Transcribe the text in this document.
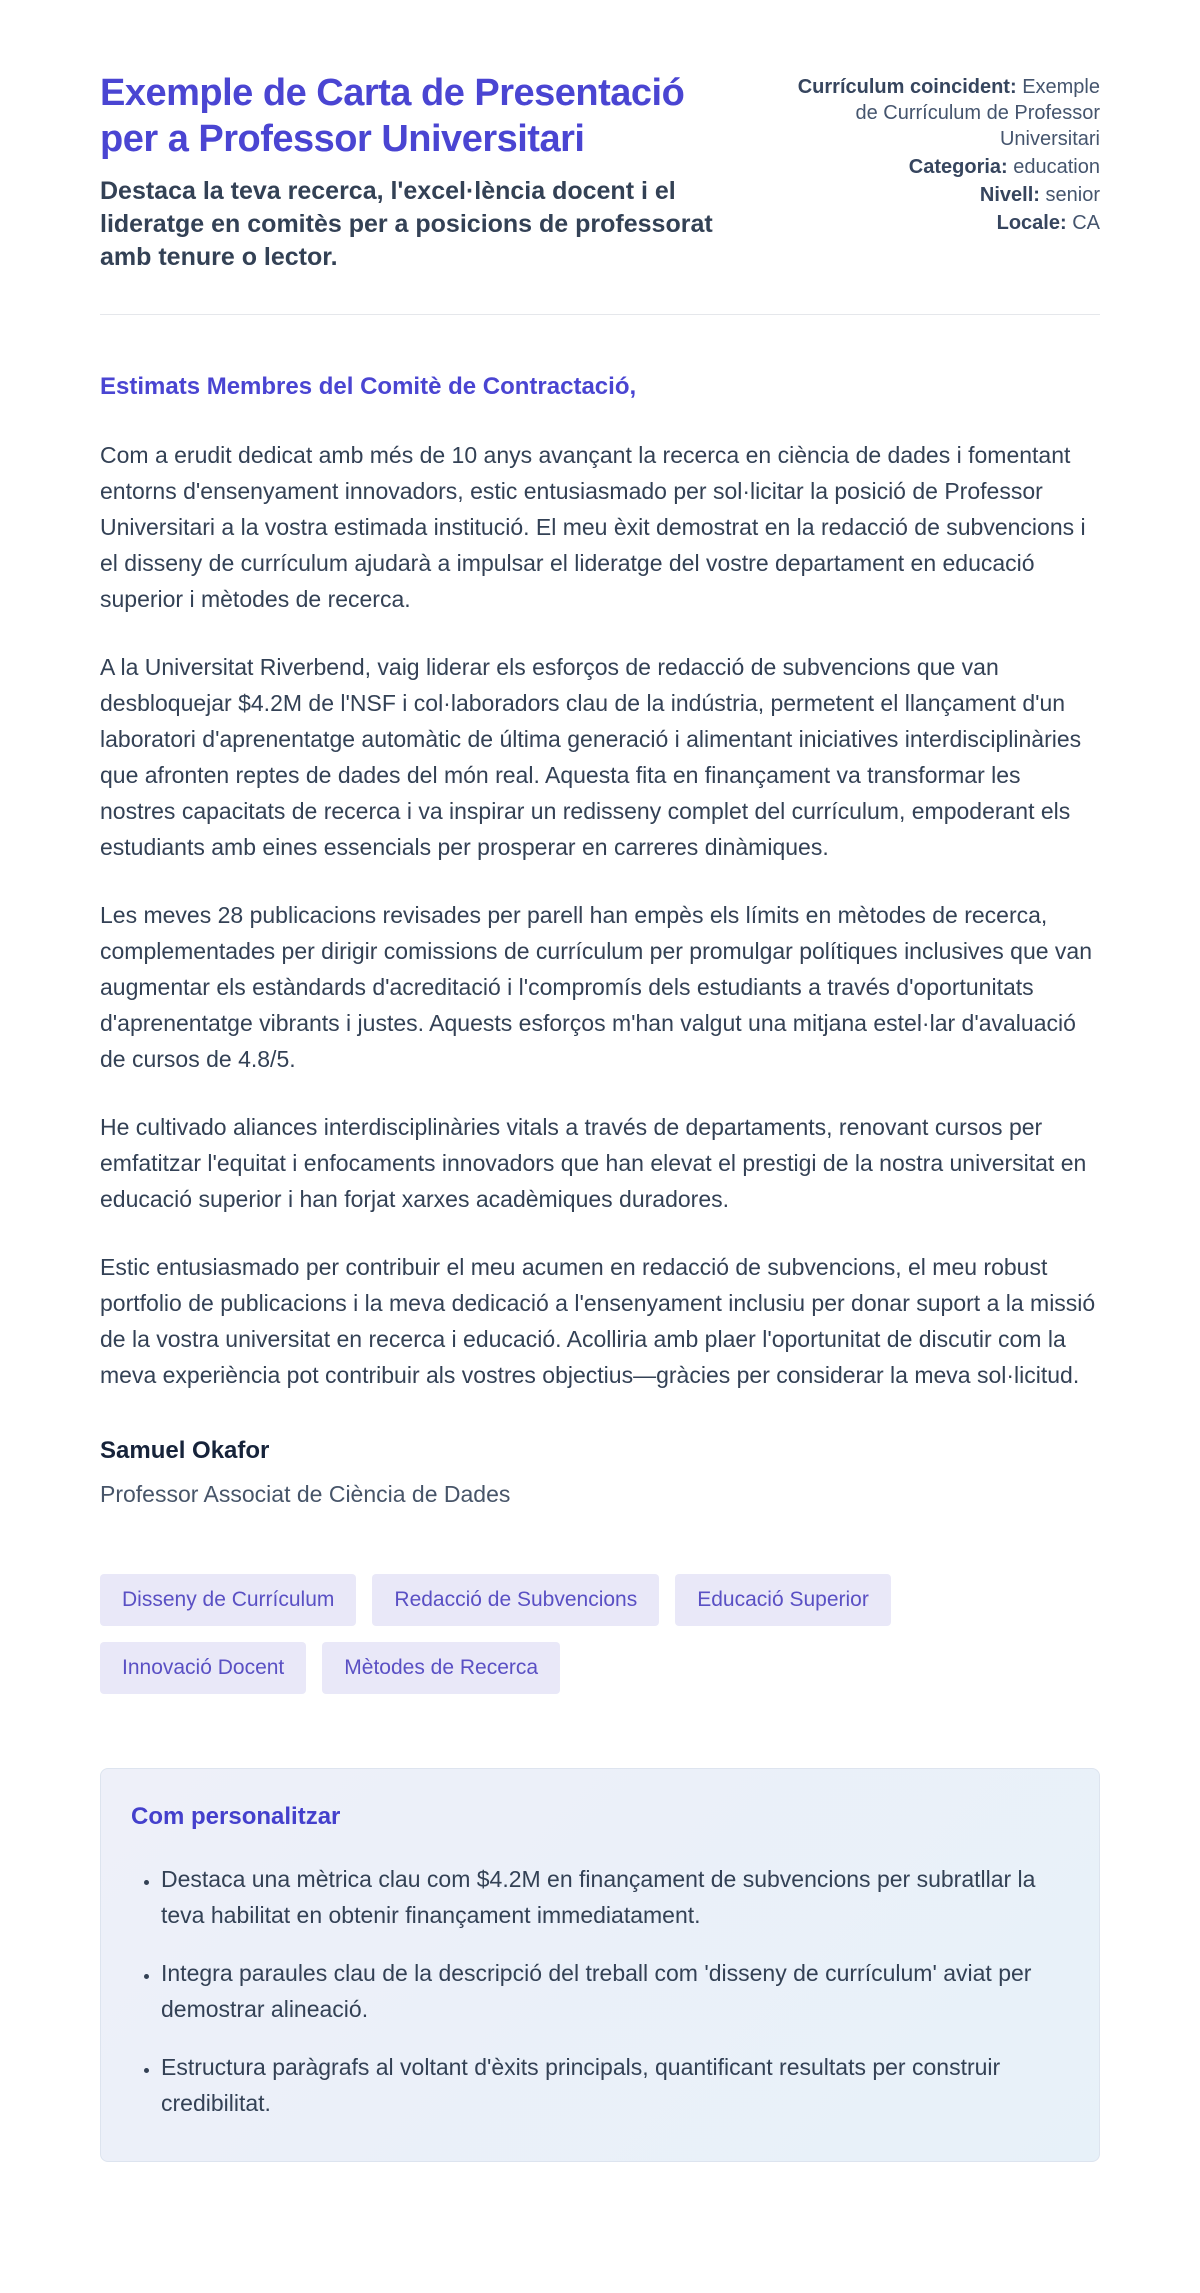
Exemple de Carta de Presentació per a Professor Universitari

Destaca la teva recerca, l'excel·lència docent i el lideratge en comitès per a posicions de professorat amb tenure o lector.

Currículum coincident: Exemple de Currículum de Professor Universitari
Categoria: education
Nivell: senior
Locale: CA

Estimats Membres del Comitè de Contractació,

Com a erudit dedicat amb més de 10 anys avançant la recerca en ciència de dades i fomentant entorns d'ensenyament innovadors, estic entusiasmado per sol·licitar la posició de Professor Universitari a la vostra estimada institució. El meu èxit demostrat en la redacció de subvencions i el disseny de currículum ajudarà a impulsar el lideratge del vostre departament en educació superior i mètodes de recerca.

A la Universitat Riverbend, vaig liderar els esforços de redacció de subvencions que van desbloquejar $4.2M de l'NSF i col·laboradors clau de la indústria, permetent el llançament d'un laboratori d'aprenentatge automàtic de última generació i alimentant iniciatives interdisciplinàries que afronten reptes de dades del món real. Aquesta fita en finançament va transformar les nostres capacitats de recerca i va inspirar un redisseny complet del currículum, empoderant els estudiants amb eines essencials per prosperar en carreres dinàmiques.

Les meves 28 publicacions revisades per parell han empès els límits en mètodes de recerca, complementades per dirigir comissions de currículum per promulgar polítiques inclusives que van augmentar els estàndards d'acreditació i l'compromís dels estudiants a través d'oportunitats d'aprenentatge vibrants i justes. Aquests esforços m'han valgut una mitjana estel·lar d'avaluació de cursos de 4.8/5.

He cultivado aliances interdisciplinàries vitals a través de departaments, renovant cursos per emfatitzar l'equitat i enfocaments innovadors que han elevat el prestigi de la nostra universitat en educació superior i han forjat xarxes acadèmiques duradores.

Estic entusiasmado per contribuir el meu acumen en redacció de subvencions, el meu robust portfolio de publicacions i la meva dedicació a l'ensenyament inclusiu per donar suport a la missió de la vostra universitat en recerca i educació. Acolliria amb plaer l'oportunitat de discutir com la meva experiència pot contribuir als vostres objectius—gràcies per considerar la meva sol·licitud.

Samuel Okafor

Professor Associat de Ciència de Dades

Disseny de Currículum	Redacció de Subvencions	Educació Superior
Innovació Docent	Mètodes de Recerca
Com personalitzar
• Destaca una mètrica clau com $4.2M en finançament de subvencions per subratllar la teva habilitat en obtenir finançament immediatament.
• Integra paraules clau de la descripció del treball com 'disseny de currículum' aviat per demostrar alineació.
• Estructura paràgrafs al voltant d'èxits principals, quantificant resultats per construir credibilitat.
